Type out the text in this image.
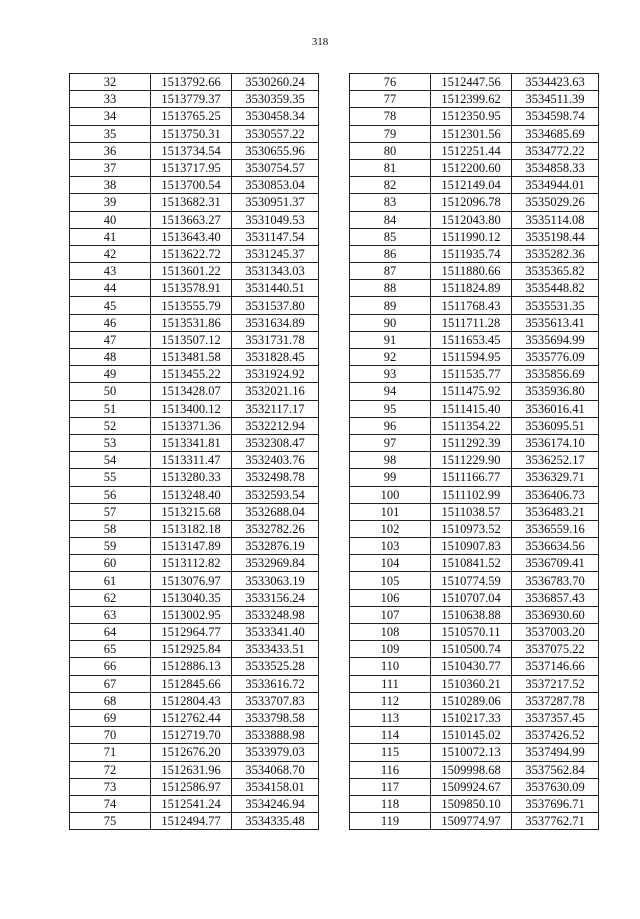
318
32	1513792.66	3530260.24
33	1513779.37	3530359.35
34	1513765.25	3530458.34
35	1513750.31	3530557.22
36	1513734.54	3530655.96
37	1513717.95	3530754.57
38	1513700.54	3530853.04
39	1513682.31	3530951.37
40	1513663.27	3531049.53
41	1513643.40	3531147.54
42	1513622.72	3531245.37
43	1513601.22	3531343.03
44	1513578.91	3531440.51
45	1513555.79	3531537.80
46	1513531.86	3531634.89
47	1513507.12	3531731.78
48	1513481.58	3531828.45
49	1513455.22	3531924.92
50	1513428.07	3532021.16
51	1513400.12	3532117.17
52	1513371.36	3532212.94
53	1513341.81	3532308.47
54	1513311.47	3532403.76
55	1513280.33	3532498.78
56	1513248.40	3532593.54
57	1513215.68	3532688.04
58	1513182.18	3532782.26
59	1513147.89	3532876.19
60	1513112.82	3532969.84
61	1513076.97	3533063.19
62	1513040.35	3533156.24
63	1513002.95	3533248.98
64	1512964.77	3533341.40
65	1512925.84	3533433.51
66	1512886.13	3533525.28
67	1512845.66	3533616.72
68	1512804.43	3533707.83
69	1512762.44	3533798.58
70	1512719.70	3533888.98
71	1512676.20	3533979.03
72	1512631.96	3534068.70
73	1512586.97	3534158.01
74	1512541.24	3534246.94
75	1512494.77	3534335.48
76	1512447.56	3534423.63
77	1512399.62	3534511.39
78	1512350.95	3534598.74
79	1512301.56	3534685.69
80	1512251.44	3534772.22
81	1512200.60	3534858.33
82	1512149.04	3534944.01
83	1512096.78	3535029.26
84	1512043.80	3535114.08
85	1511990.12	3535198.44
86	1511935.74	3535282.36
87	1511880.66	3535365.82
88	1511824.89	3535448.82
89	1511768.43	3535531.35
90	1511711.28	3535613.41
91	1511653.45	3535694.99
92	1511594.95	3535776.09
93	1511535.77	3535856.69
94	1511475.92	3535936.80
95	1511415.40	3536016.41
96	1511354.22	3536095.51
97	1511292.39	3536174.10
98	1511229.90	3536252.17
99	1511166.77	3536329.71
100	1511102.99	3536406.73
101	1511038.57	3536483.21
102	1510973.52	3536559.16
103	1510907.83	3536634.56
104	1510841.52	3536709.41
105	1510774.59	3536783.70
106	1510707.04	3536857.43
107	1510638.88	3536930.60
108	1510570.11	3537003.20
109	1510500.74	3537075.22
110	1510430.77	3537146.66
111	1510360.21	3537217.52
112	1510289.06	3537287.78
113	1510217.33	3537357.45
114	1510145.02	3537426.52
115	1510072.13	3537494.99
116	1509998.68	3537562.84
117	1509924.67	3537630.09
118	1509850.10	3537696.71
119	1509774.97	3537762.71
